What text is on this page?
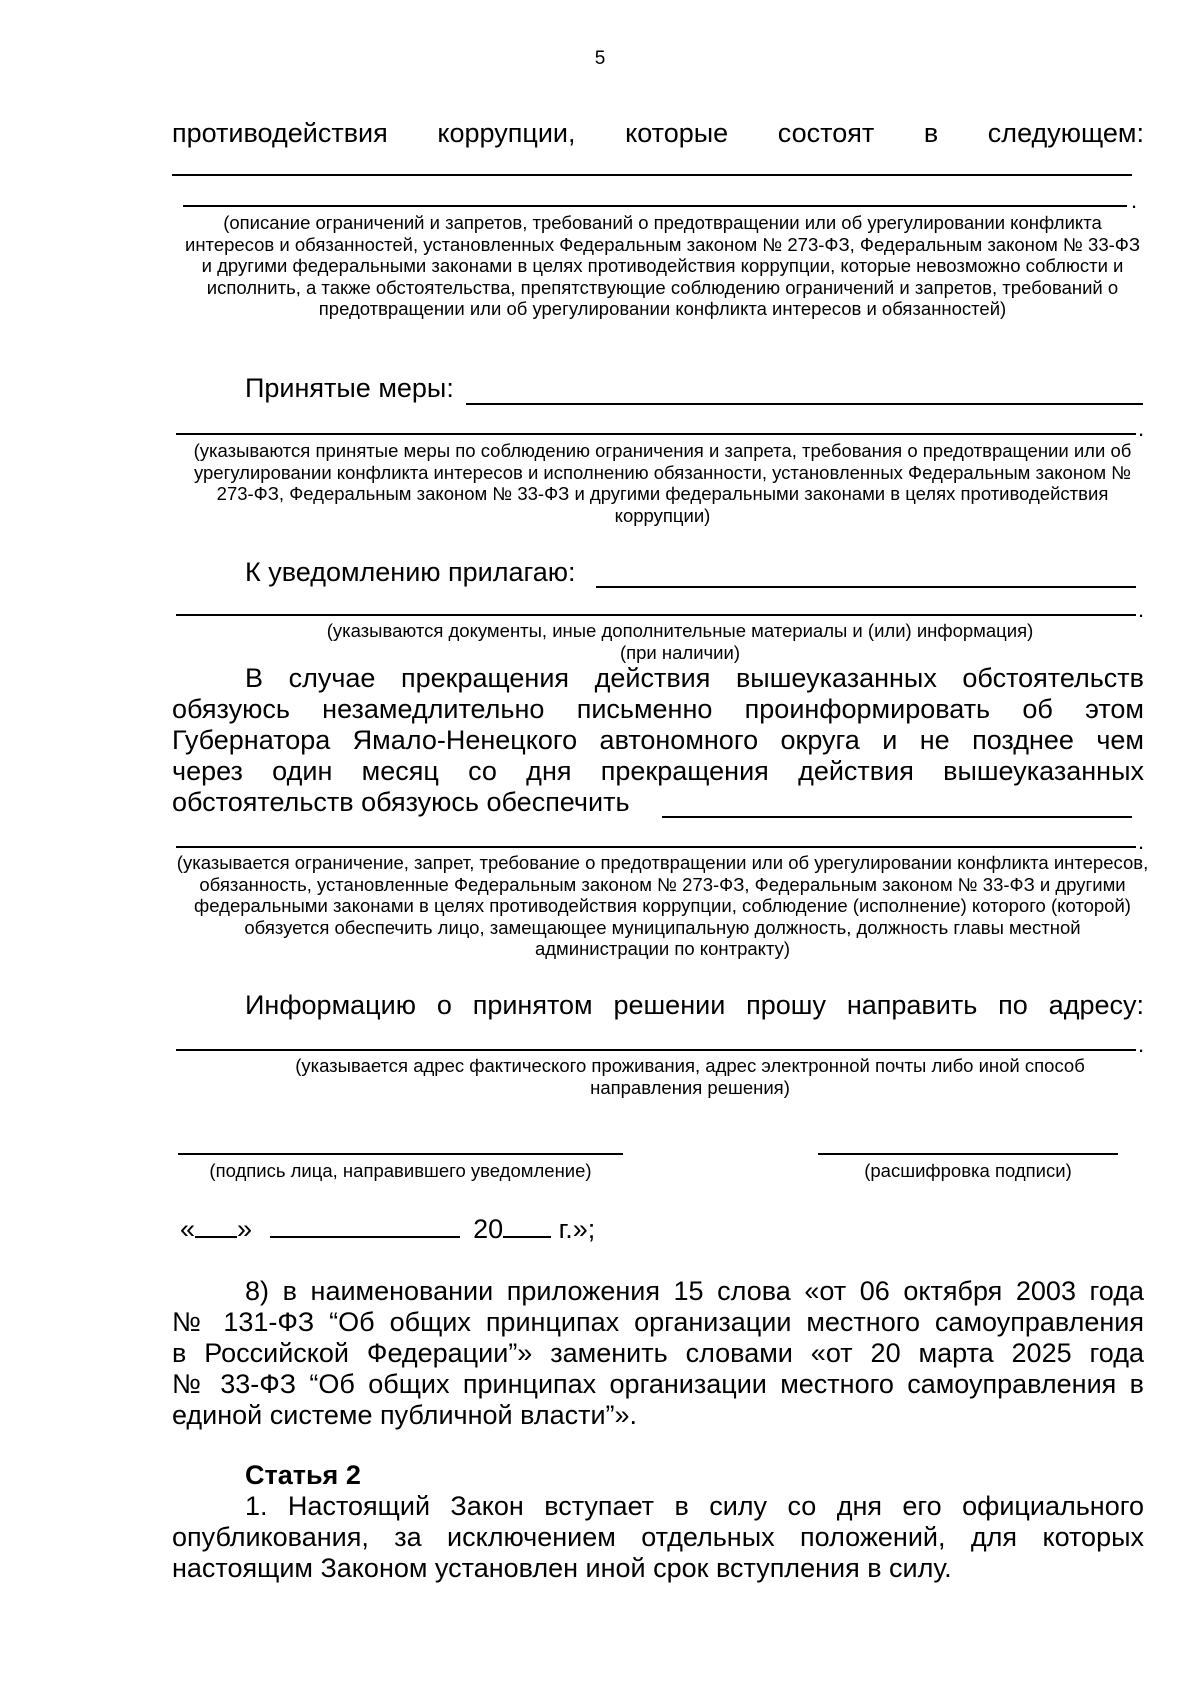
5
противодействия коррупции, которые состоят в следующем:
.
(описание ограничений и запретов, требований о предотвращении или об урегулировании конфликта интересов и обязанностей, установленных Федеральным законом № 273-ФЗ, Федеральным законом № 33-ФЗ и другими федеральными законами в целях противодействия коррупции, которые невозможно соблюсти и исполнить, а также обстоятельства, препятствующие соблюдению ограничений и запретов, требований о предотвращении или об урегулировании конфликта интересов и обязанностей)
Принятые меры:
.
(указываются принятые меры по соблюдению ограничения и запрета, требования о предотвращении или об урегулировании конфликта интересов и исполнению обязанности, установленных Федеральным законом № 273-ФЗ, Федеральным законом № 33-ФЗ и другими федеральными законами в целях противодействия коррупции)
К уведомлению прилагаю:
.
(указываются документы, иные дополнительные материалы и (или) информация)
(при наличии)
В случае прекращения действия вышеуказанных обстоятельств
обязуюсь незамедлительно письменно проинформировать об этом
Губернатора Ямало-Ненецкого автономного округа и не позднее чем
через один месяц со дня прекращения действия вышеуказанных
обстоятельств обязуюсь обеспечить
.
(указывается ограничение, запрет, требование о предотвращении или об урегулировании конфликта интересов, обязанность, установленные Федеральным законом № 273-ФЗ, Федеральным законом № 33-ФЗ и другими федеральными законами в целях противодействия коррупции, соблюдение (исполнение) которого (которой) обязуется обеспечить лицо, замещающее муниципальную должность, должность главы местной администрации по контракту)
Информацию о принятом решении прошу направить по адресу:
.
(указывается адрес фактического проживания, адрес электронной почты либо иной способ направления решения)
(подпись лица, направившего уведомление)	(расшифровка подписи)
« »	20 г.»;
8) в наименовании приложения 15 слова «от 06 октября 2003 года
№ 131-ФЗ “Об общих принципах организации местного самоуправления
в Российской Федерации”» заменить словами «от 20 марта 2025 года
№ 33-ФЗ “Об общих принципах организации местного самоуправления в
единой системе публичной власти”».
Статья 2
1. Настоящий Закон вступает в силу со дня его официального
опубликования, за исключением отдельных положений, для которых
настоящим Законом установлен иной срок вступления в силу.
